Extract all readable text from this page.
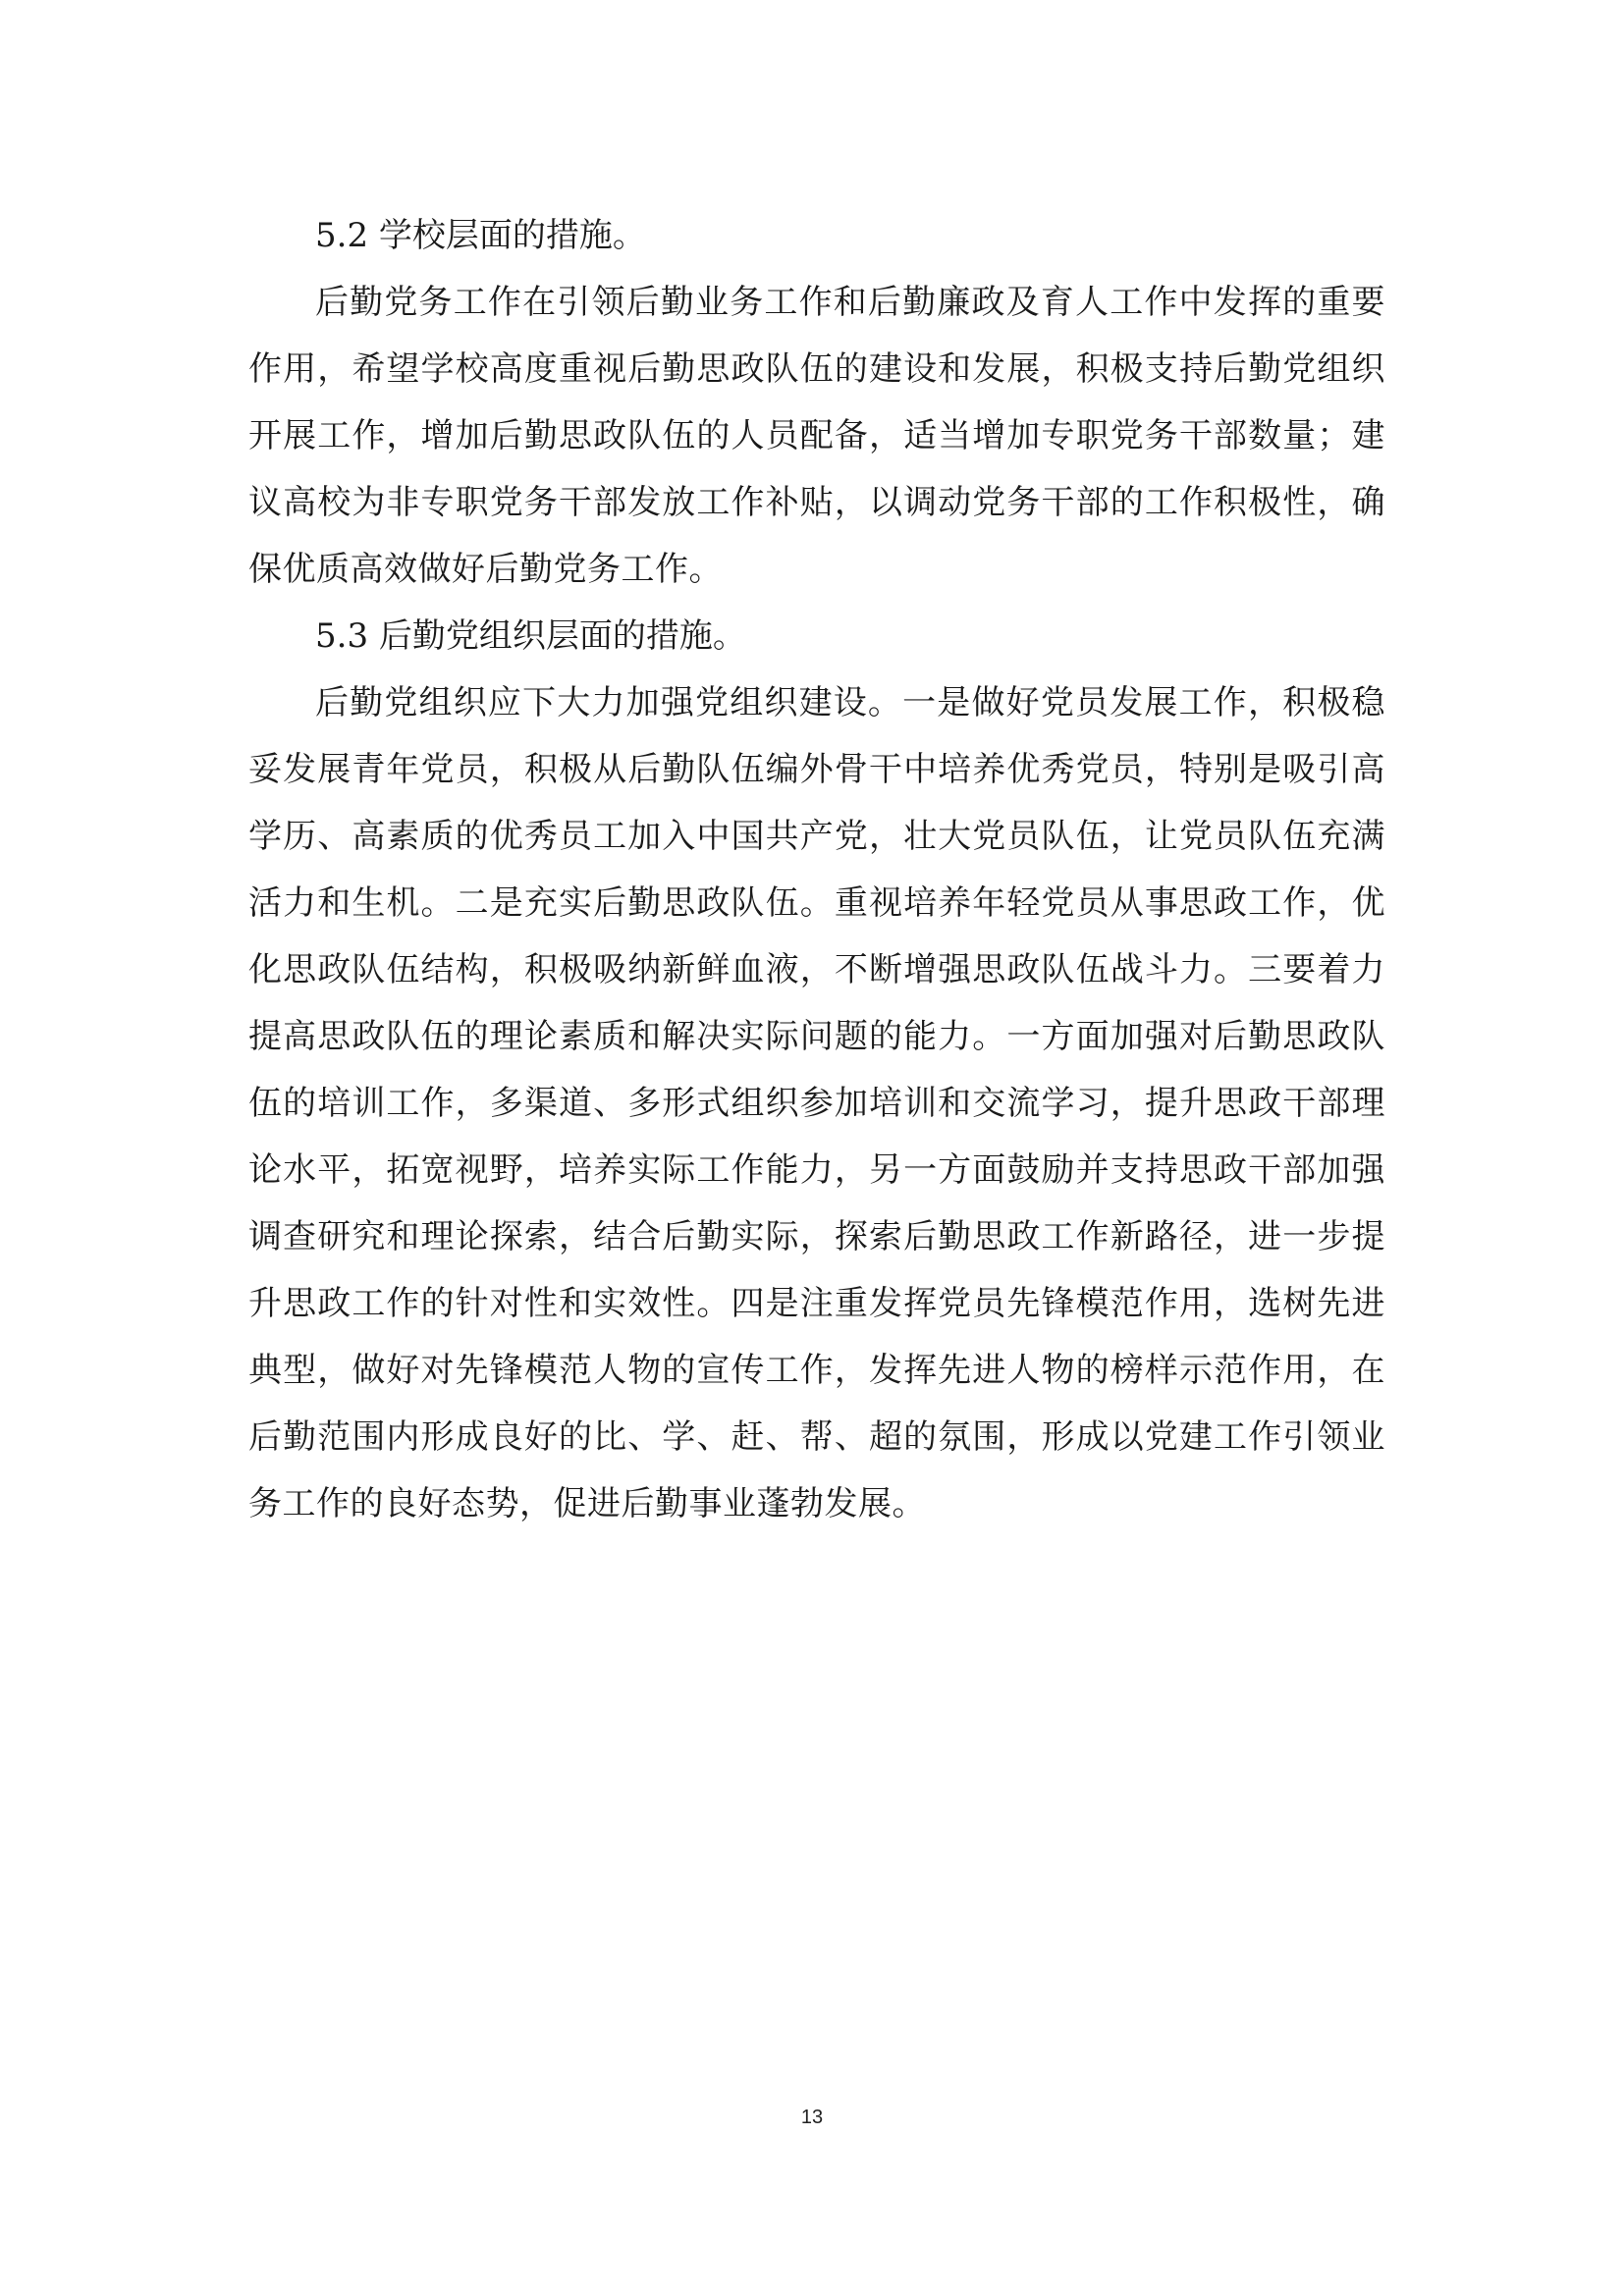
5.2 学校层面的措施。

后勤党务工作在引领后勤业务工作和后勤廉政及育人工作中发挥的重要作用，希望学校高度重视后勤思政队伍的建设和发展，积极支持后勤党组织开展工作，增加后勤思政队伍的人员配备，适当增加专职党务干部数量；建议高校为非专职党务干部发放工作补贴，以调动党务干部的工作积极性，确保优质高效做好后勤党务工作。

5.3 后勤党组织层面的措施。

后勤党组织应下大力加强党组织建设。一是做好党员发展工作，积极稳妥发展青年党员，积极从后勤队伍编外骨干中培养优秀党员，特别是吸引高学历、高素质的优秀员工加入中国共产党，壮大党员队伍，让党员队伍充满活力和生机。二是充实后勤思政队伍。重视培养年轻党员从事思政工作，优化思政队伍结构，积极吸纳新鲜血液，不断增强思政队伍战斗力。三要着力提高思政队伍的理论素质和解决实际问题的能力。一方面加强对后勤思政队伍的培训工作，多渠道、多形式组织参加培训和交流学习，提升思政干部理论水平，拓宽视野，培养实际工作能力，另一方面鼓励并支持思政干部加强调查研究和理论探索，结合后勤实际，探索后勤思政工作新路径，进一步提升思政工作的针对性和实效性。四是注重发挥党员先锋模范作用，选树先进典型，做好对先锋模范人物的宣传工作，发挥先进人物的榜样示范作用，在后勤范围内形成良好的比、学、赶、帮、超的氛围，形成以党建工作引领业务工作的良好态势，促进后勤事业蓬勃发展。

13
